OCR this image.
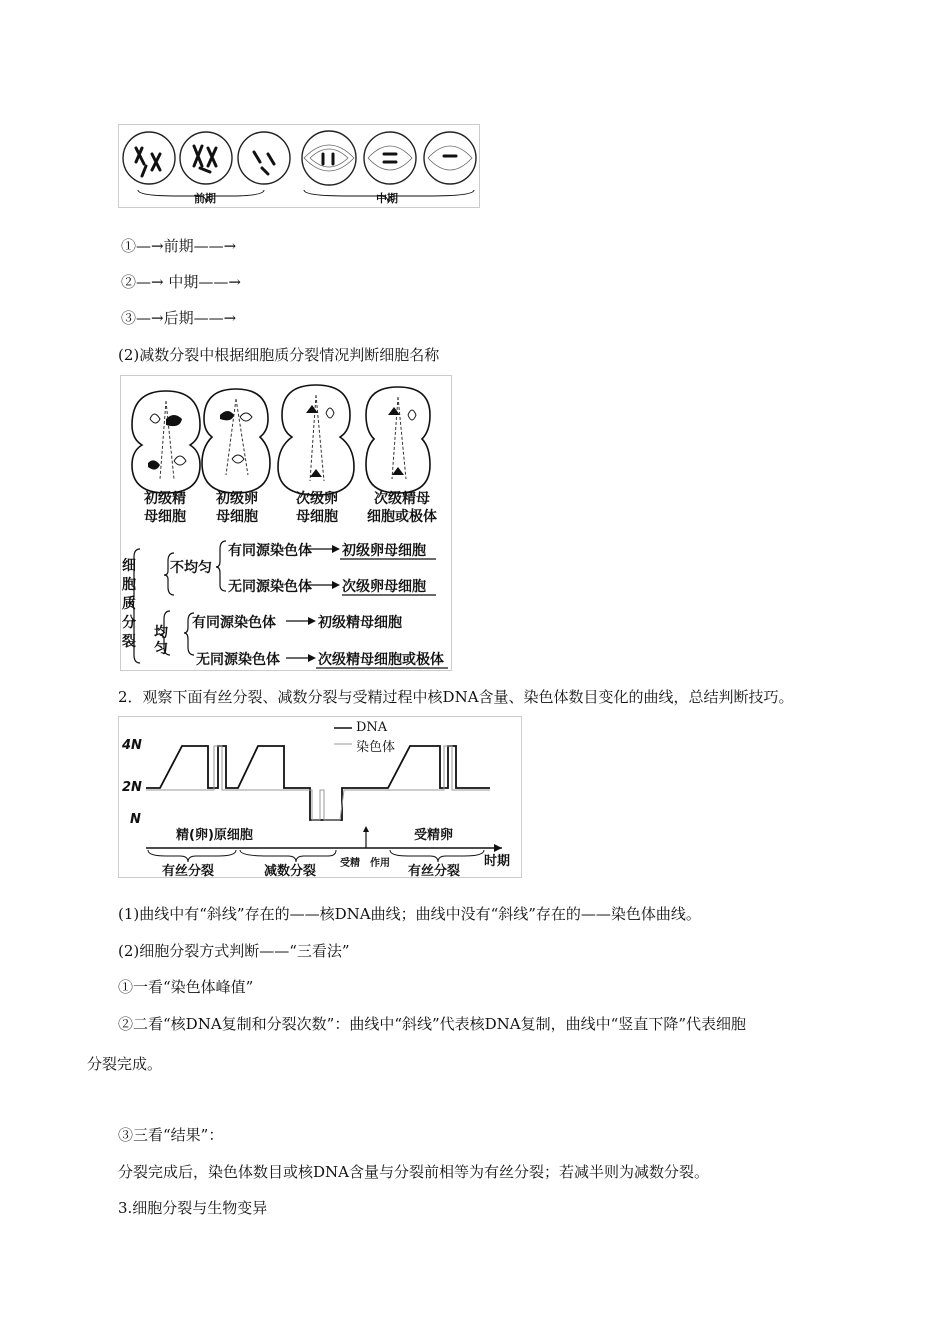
前期	中期
①—→前期——→
②—→ 中期——→
③—→后期——→
(2)减数分裂中根据细胞质分裂情况判断细胞名称
初级精
母细胞
初级卵
母细胞
次级卵
母细胞
次级精母
细胞或极体
细
胞
质
分
裂
不均匀
均
匀
有同源染色体 初级卵母细胞
无同源染色体 次级卵母细胞
有同源染色体	初级精母细胞
无同源染色体	次级精母细胞或极体
2．观察下面有丝分裂、减数分裂与受精过程中核DNA含量、染色体数目变化的曲线，总结判断技巧。
4N
2N
N
DNA
染色体
精(卵)原细胞
有丝分裂	减数分裂
受精 作用
有丝分裂
受精卵
时期
(1)曲线中有“斜线”存在的——核DNA曲线；曲线中没有“斜线”存在的——染色体曲线。
(2)细胞分裂方式判断——“三看法”
①一看“染色体峰值”
②二看“核DNA复制和分裂次数”：曲线中“斜线”代表核DNA复制，曲线中“竖直下降”代表细胞
分裂完成。
③三看“结果”：
分裂完成后，染色体数目或核DNA含量与分裂前相等为有丝分裂；若减半则为减数分裂。
3.细胞分裂与生物变异
